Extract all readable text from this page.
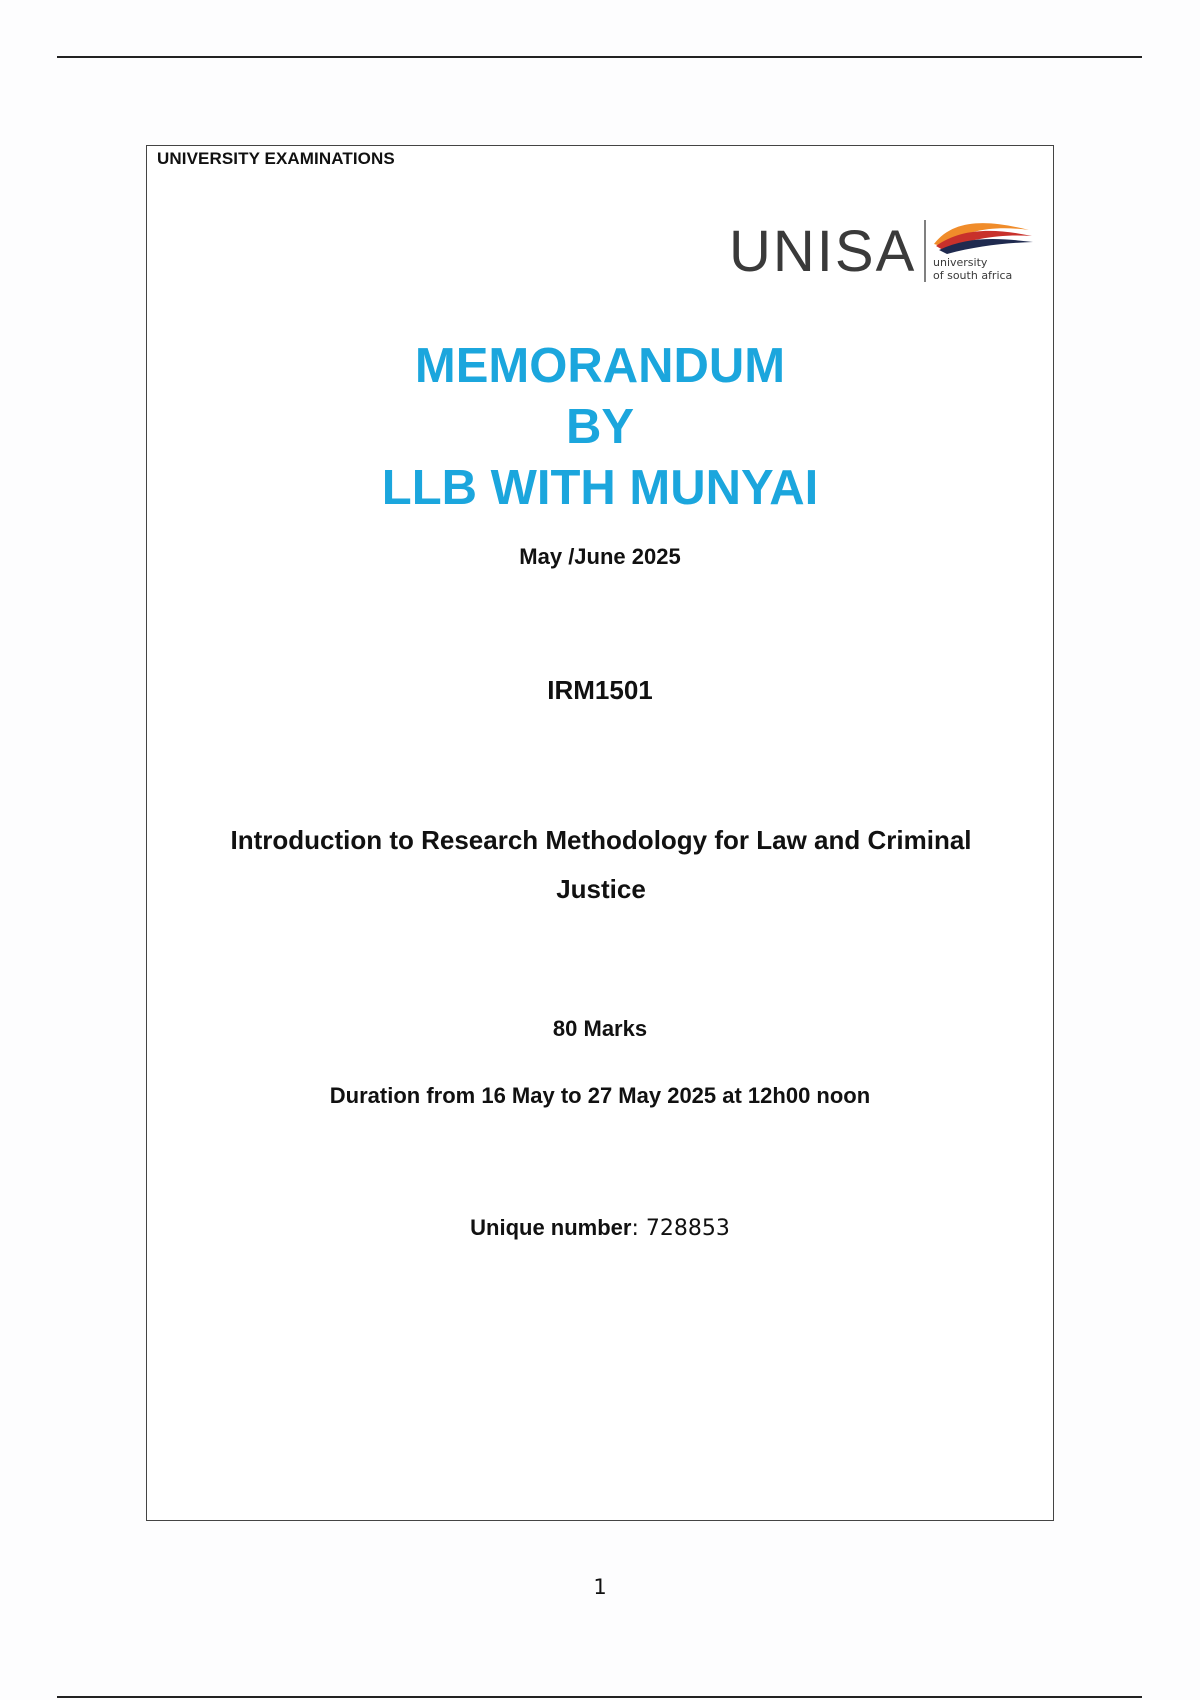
UNIVERSITY EXAMINATIONS
UNISA university
of south africa
MEMORANDUM
BY
LLB WITH MUNYAI
May /June 2025
IRM1501
Introduction to Research Methodology for Law and Criminal Justice
80 Marks
Duration from 16 May to 27 May 2025 at 12h00 noon
Unique number: 728853
1
